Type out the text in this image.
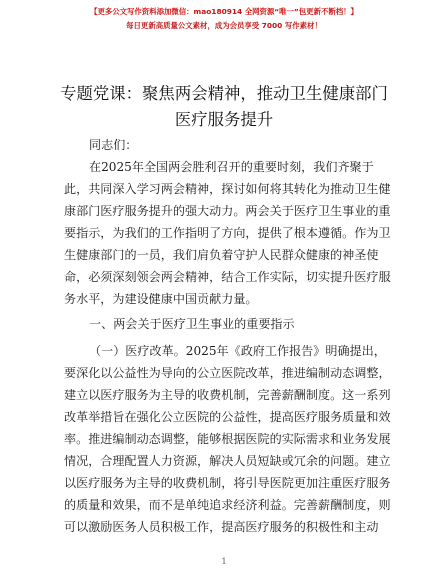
【更多公文写作资料添加微信：mao180914 全网资源“唯一”包更新不断档！】
每日更新高质量公文素材，成为会员享受 7000 写作素材！
专题党课：聚焦两会精神，推动卫生健康部门
医疗服务提升
同志们：
在2025年全国两会胜利召开的重要时刻，我们齐聚于
此，共同深入学习两会精神，探讨如何将其转化为推动卫生健
康部门医疗服务提升的强大动力。两会关于医疗卫生事业的重
要指示，为我们的工作指明了方向，提供了根本遵循。作为卫
生健康部门的一员，我们肩负着守护人民群众健康的神圣使
命，必须深刻领会两会精神，结合工作实际，切实提升医疗服
务水平，为建设健康中国贡献力量。
一、两会关于医疗卫生事业的重要指示
（一）医疗改革。2025年《政府工作报告》明确提出，
要深化以公益性为导向的公立医院改革，推进编制动态调整，
建立以医疗服务为主导的收费机制，完善薪酬制度。这一系列
改革举措旨在强化公立医院的公益性，提高医疗服务质量和效
率。推进编制动态调整，能够根据医院的实际需求和业务发展
情况，合理配置人力资源，解决人员短缺或冗余的问题。建立
以医疗服务为主导的收费机制，将引导医院更加注重医疗服务
的质量和效果，而不是单纯追求经济利益。完善薪酬制度，则
可以激励医务人员积极工作，提高医疗服务的积极性和主动
1
